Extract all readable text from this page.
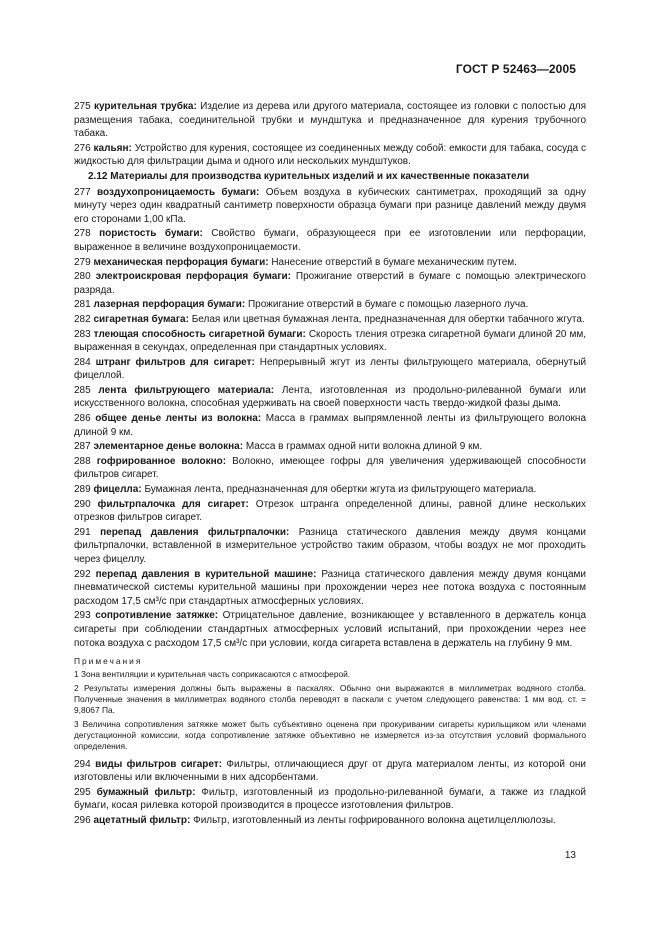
ГОСТ Р 52463—2005

275 курительная трубка: Изделие из дерева или другого материала, состоящее из головки с полостью для размещения табака, соединительной трубки и мундштука и предназначенное для курения трубочного табака.

276 кальян: Устройство для курения, состоящее из соединенных между собой: емкости для табака, сосуда с жидкостью для фильтрации дыма и одного или нескольких мундштуков.

2.12 Материалы для производства курительных изделий и их качественные показатели

277 воздухопроницаемость бумаги: Объем воздуха в кубических сантиметрах, проходящий за одну минуту через один квадратный сантиметр поверхности образца бумаги при разнице давлений между двумя его сторонами 1,00 кПа.

278 пористость бумаги: Свойство бумаги, образующееся при ее изготовлении или перфорации, выраженное в величине воздухопроницаемости.

279 механическая перфорация бумаги: Нанесение отверстий в бумаге механическим путем.

280 электроискровая перфорация бумаги: Прожигание отверстий в бумаге с помощью электрического разряда.

281 лазерная перфорация бумаги: Прожигание отверстий в бумаге с помощью лазерного луча.

282 сигаретная бумага: Белая или цветная бумажная лента, предназначенная для обертки табачного жгута.

283 тлеющая способность сигаретной бумаги: Скорость тления отрезка сигаретной бумаги длиной 20 мм, выраженная в секундах, определенная при стандартных условиях.

284 штранг фильтров для сигарет: Непрерывный жгут из ленты фильтрующего материала, обернутый фицеллой.

285 лента фильтрующего материала: Лента, изготовленная из продольно-рилеванной бумаги или искусственного волокна, способная удерживать на своей поверхности часть твердо-жидкой фазы дыма.

286 общее денье ленты из волокна: Масса в граммах выпрямленной ленты из фильтрующего волокна длиной 9 км.

287 элементарное денье волокна: Масса в граммах одной нити волокна длиной 9 км.

288 гофрированное волокно: Волокно, имеющее гофры для увеличения удерживающей способности фильтров сигарет.

289 фицелла: Бумажная лента, предназначенная для обертки жгута из фильтрующего материала.

290 фильтрпалочка для сигарет: Отрезок штранга определенной длины, равной длине нескольких отрезков фильтров сигарет.

291 перепад давления фильтрпалочки: Разница статического давления между двумя концами фильтрпалочки, вставленной в измерительное устройство таким образом, чтобы воздух не мог проходить через фицеллу.

292 перепад давления в курительной машине: Разница статического давления между двумя концами пневматической системы курительной машины при прохождении через нее потока воздуха с постоянным расходом 17,5 см³/с при стандартных атмосферных условиях.

293 сопротивление затяжке: Отрицательное давление, возникающее у вставленного в держатель конца сигареты при соблюдении стандартных атмосферных условий испытаний, при прохождении через нее потока воздуха с расходом 17,5 см³/с при условии, когда сигарета вставлена в держатель на глубину 9 мм.

Примечания

1 Зона вентиляции и курительная часть соприкасаются с атмосферой.

2 Результаты измерения должны быть выражены в паскалях. Обычно они выражаются в миллиметрах водяного столба. Полученные значения в миллиметрах водяного столба переводят в паскали с учетом следующего равенства: 1 мм вод. ст. = 9,8067 Па.

3 Величина сопротивления затяжке может быть субъективно оценена при прокуривании сигареты курильщиком или членами дегустационной комиссии, когда сопротивление затяжке объективно не измеряется из-за отсутствия условий формального определения.

294 виды фильтров сигарет: Фильтры, отличающиеся друг от друга материалом ленты, из которой они изготовлены или включенными в них адсорбентами.

295 бумажный фильтр: Фильтр, изготовленный из продольно-рилеванной бумаги, а также из гладкой бумаги, косая рилевка которой производится в процессе изготовления фильтров.

296 ацетатный фильтр: Фильтр, изготовленный из ленты гофрированного волокна ацетилцеллюлозы.

13
